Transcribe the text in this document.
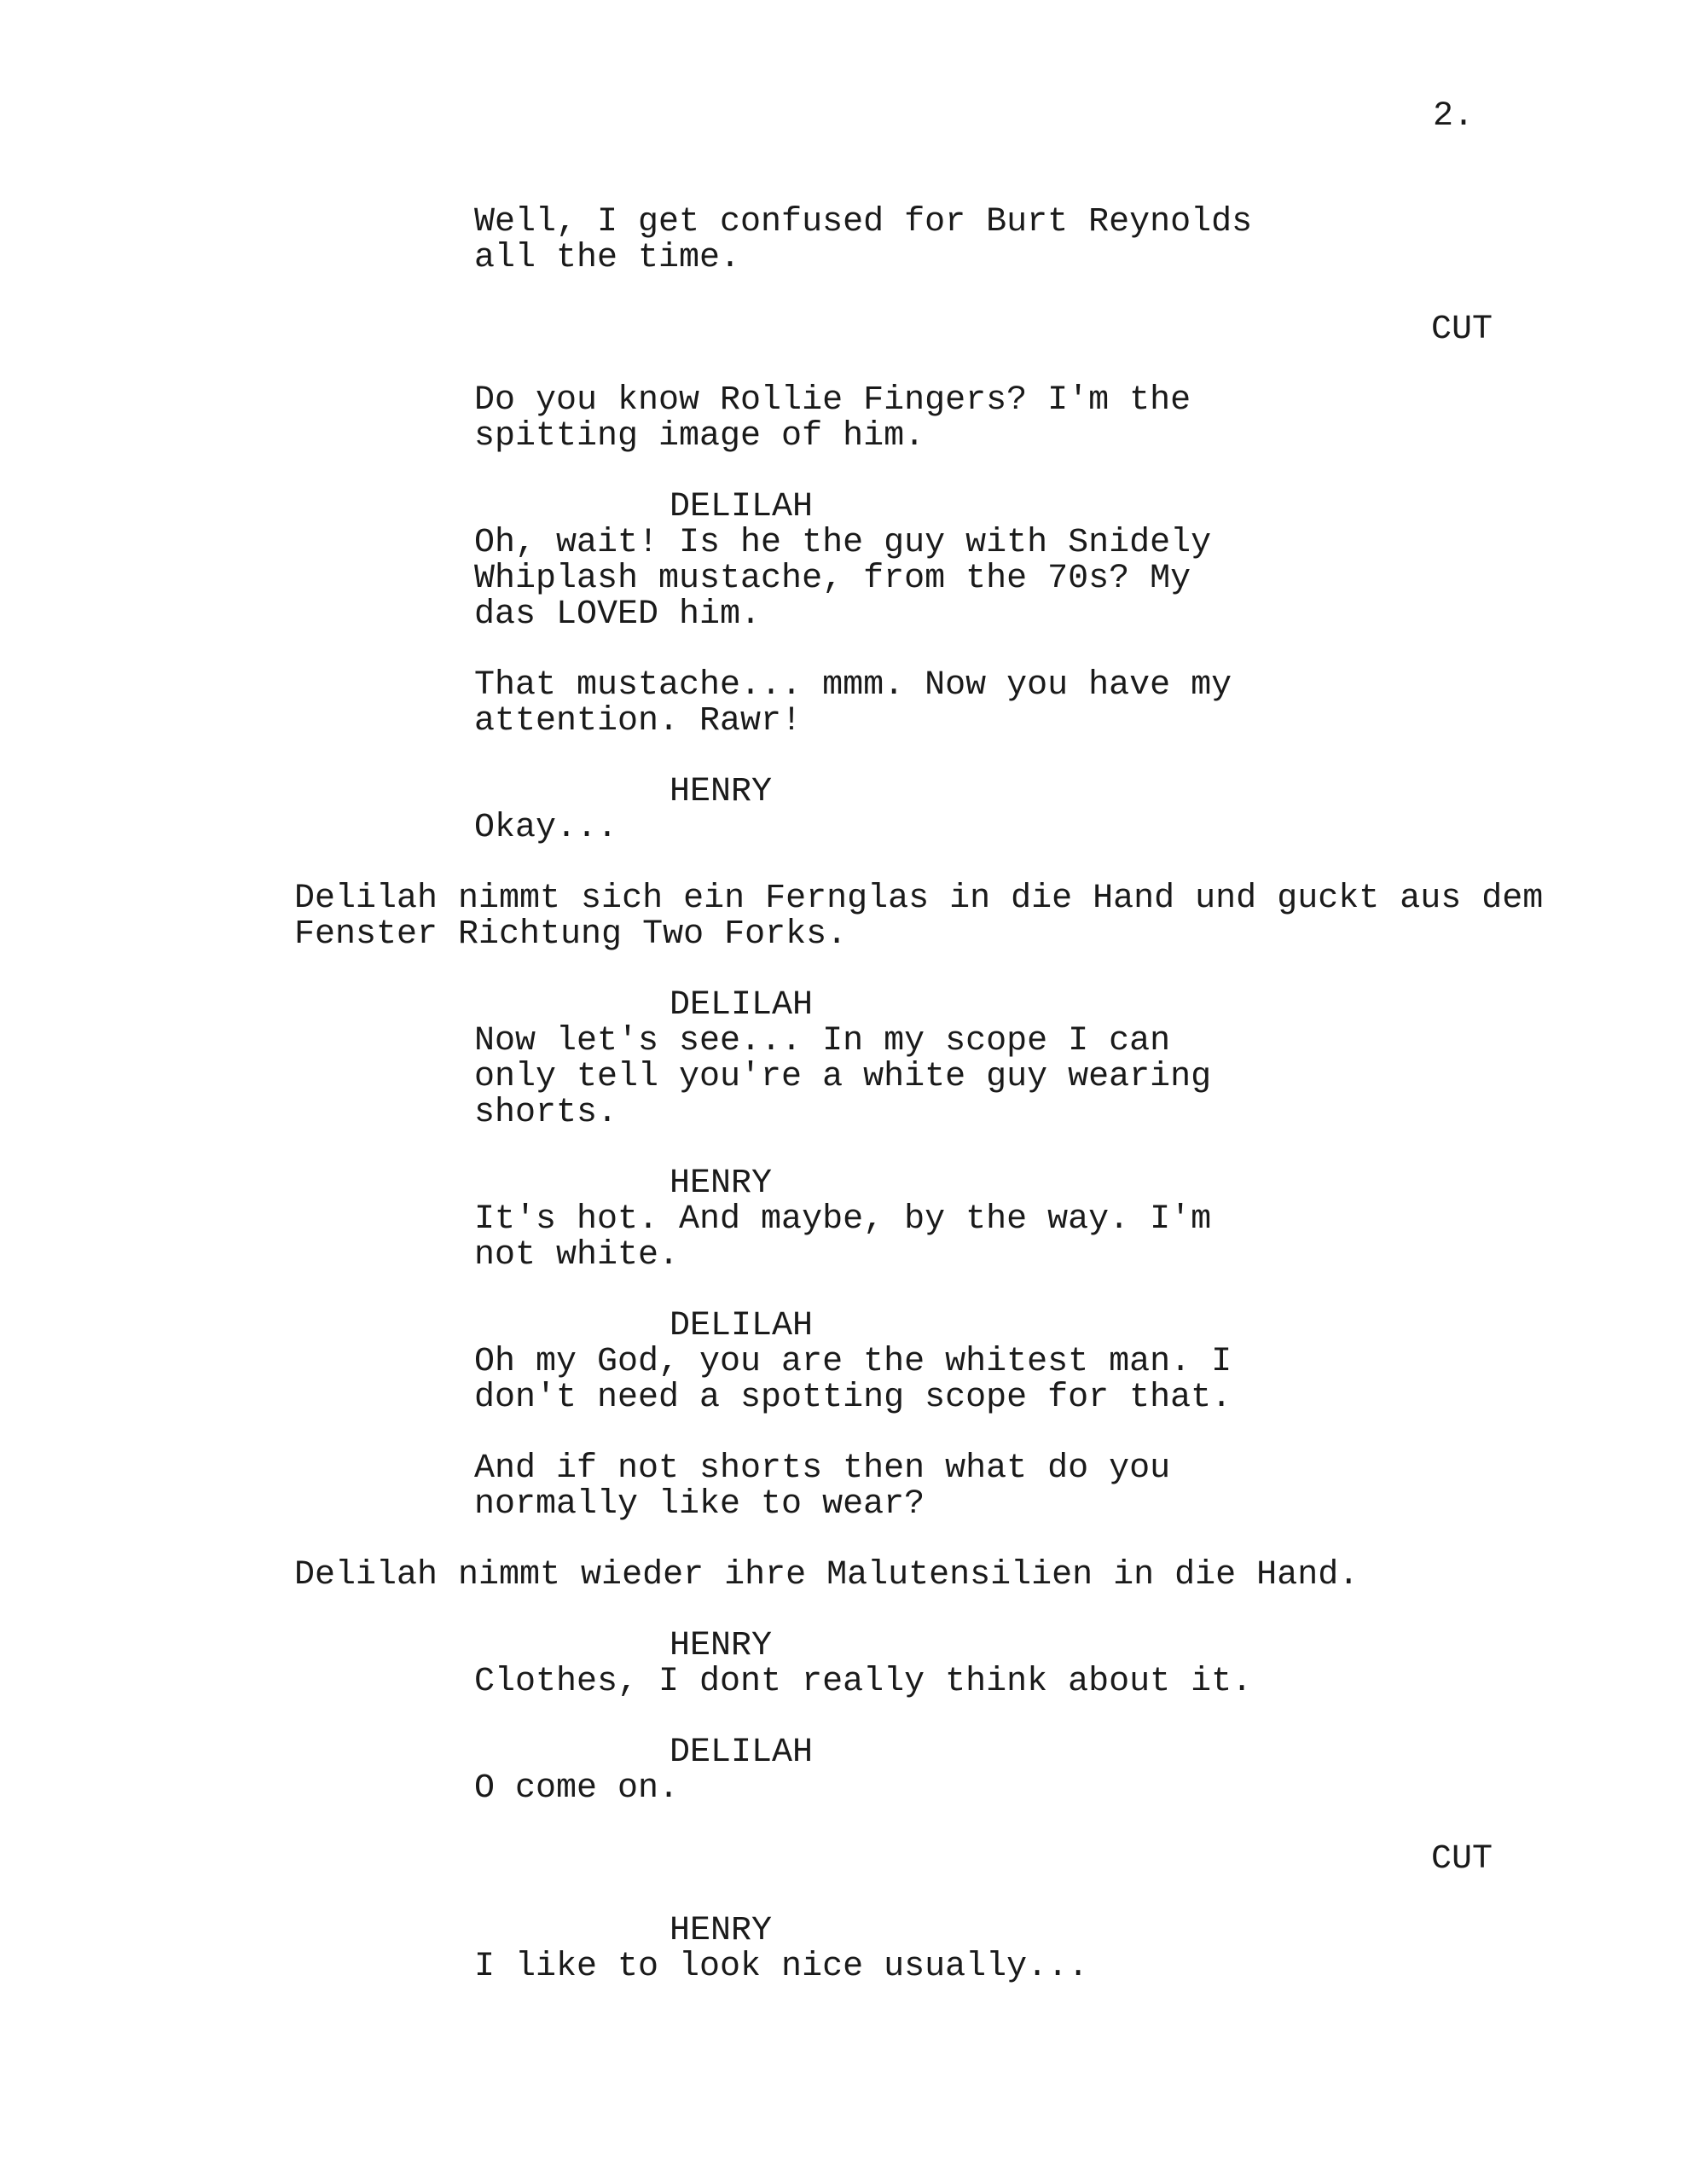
2.
Well, I get confused for Burt Reynolds
all the time.
CUT
Do you know Rollie Fingers? I'm the
spitting image of him.
DELILAH
Oh, wait! Is he the guy with Snidely
Whiplash mustache, from the 70s? My
das LOVED him.
That mustache... mmm. Now you have my
attention. Rawr!
HENRY
Okay...
Delilah nimmt sich ein Fernglas in die Hand und guckt aus dem
Fenster Richtung Two Forks.
DELILAH
Now let's see... In my scope I can
only tell you're a white guy wearing
shorts.
HENRY
It's hot. And maybe, by the way. I'm
not white.
DELILAH
Oh my God, you are the whitest man. I
don't need a spotting scope for that.
And if not shorts then what do you
normally like to wear?
Delilah nimmt wieder ihre Malutensilien in die Hand.
HENRY
Clothes, I dont really think about it.
DELILAH
O come on.
CUT
HENRY
I like to look nice usually...
